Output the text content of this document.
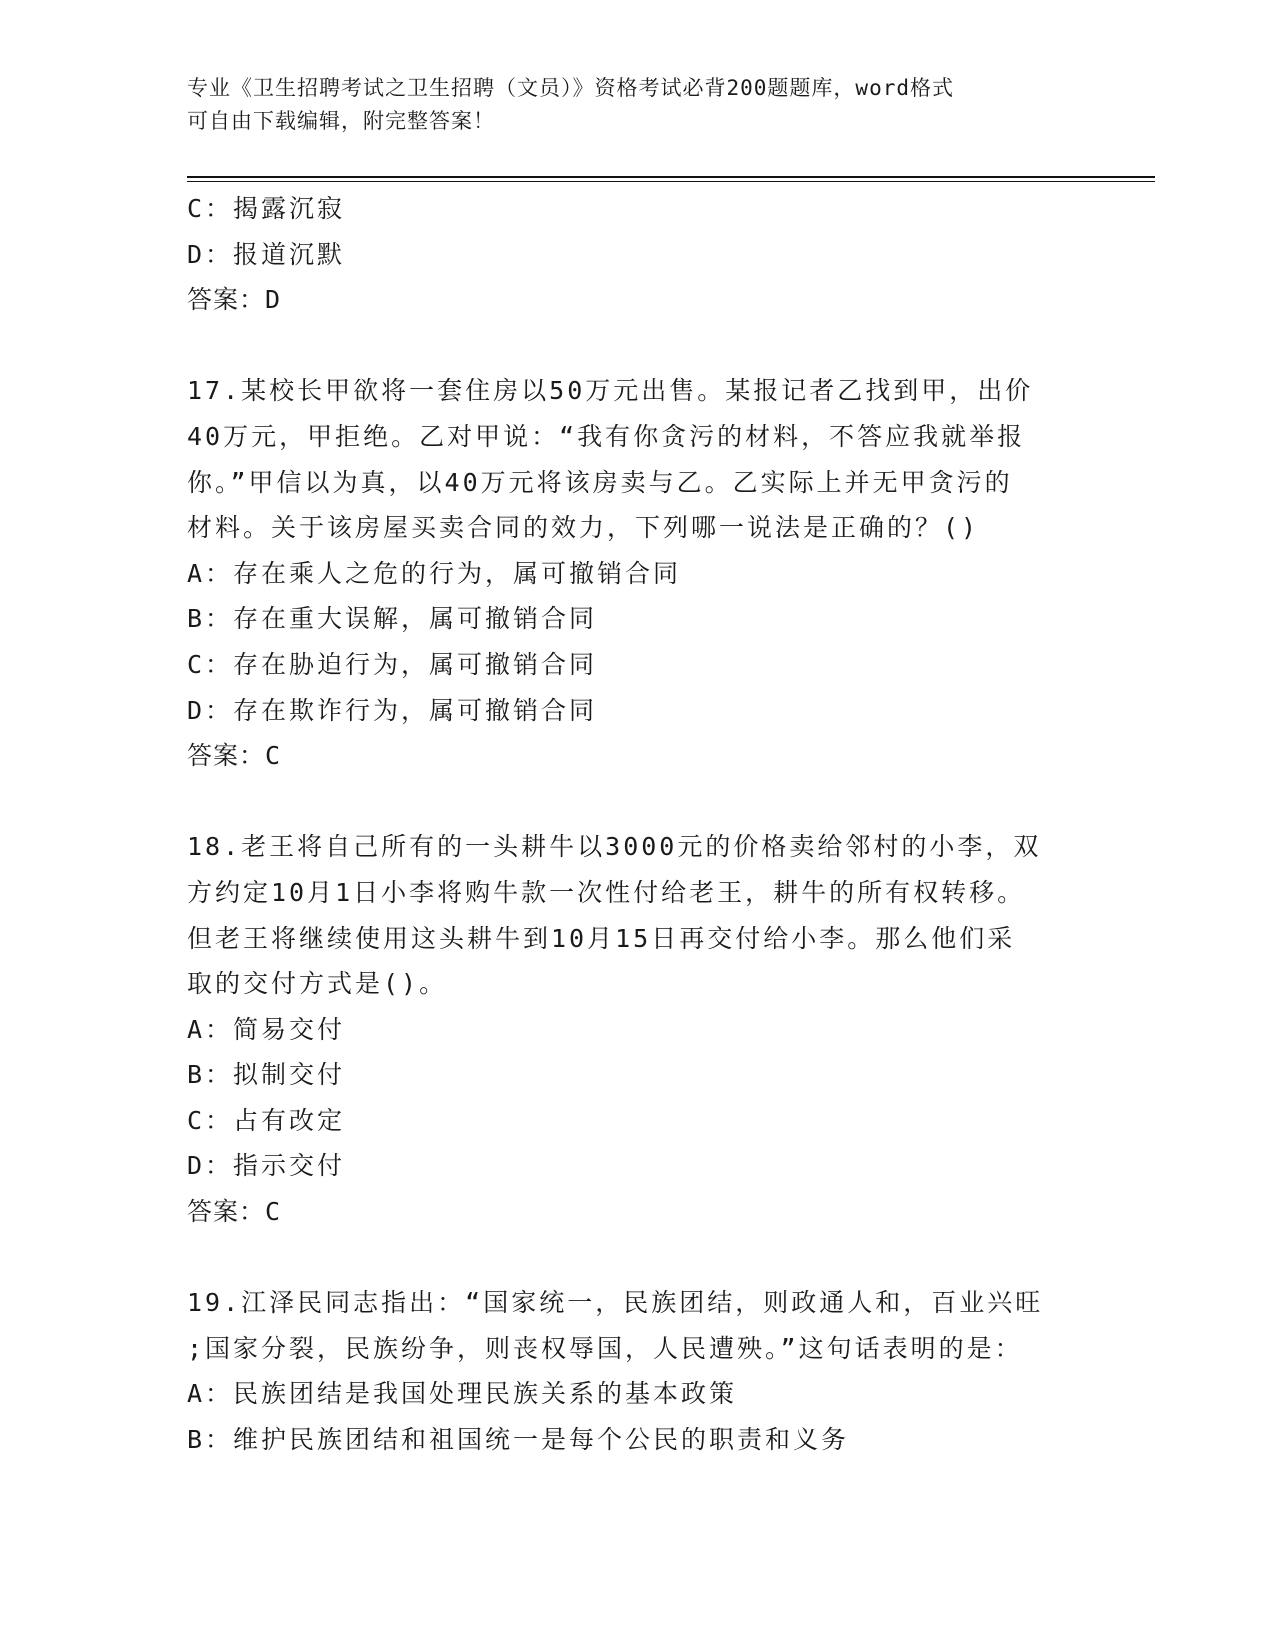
专业《卫生招聘考试之卫生招聘（文员）》资格考试必背200题题库，word格式
可自由下载编辑，附完整答案！
C：揭露沉寂
D：报道沉默
答案：D
17.某校长甲欲将一套住房以50万元出售。某报记者乙找到甲，出价
40万元，甲拒绝。乙对甲说：“我有你贪污的材料，不答应我就举报
你。”甲信以为真，以40万元将该房卖与乙。乙实际上并无甲贪污的
材料。关于该房屋买卖合同的效力，下列哪一说法是正确的？()
A：存在乘人之危的行为，属可撤销合同
B：存在重大误解，属可撤销合同
C：存在胁迫行为，属可撤销合同
D：存在欺诈行为，属可撤销合同
答案：C
18.老王将自己所有的一头耕牛以3000元的价格卖给邻村的小李，双
方约定10月1日小李将购牛款一次性付给老王，耕牛的所有权转移。
但老王将继续使用这头耕牛到10月15日再交付给小李。那么他们采
取的交付方式是()。
A：简易交付
B：拟制交付
C：占有改定
D：指示交付
答案：C
19.江泽民同志指出：“国家统一，民族团结，则政通人和，百业兴旺
;国家分裂，民族纷争，则丧权辱国，人民遭殃。”这句话表明的是：
A：民族团结是我国处理民族关系的基本政策
B：维护民族团结和祖国统一是每个公民的职责和义务
